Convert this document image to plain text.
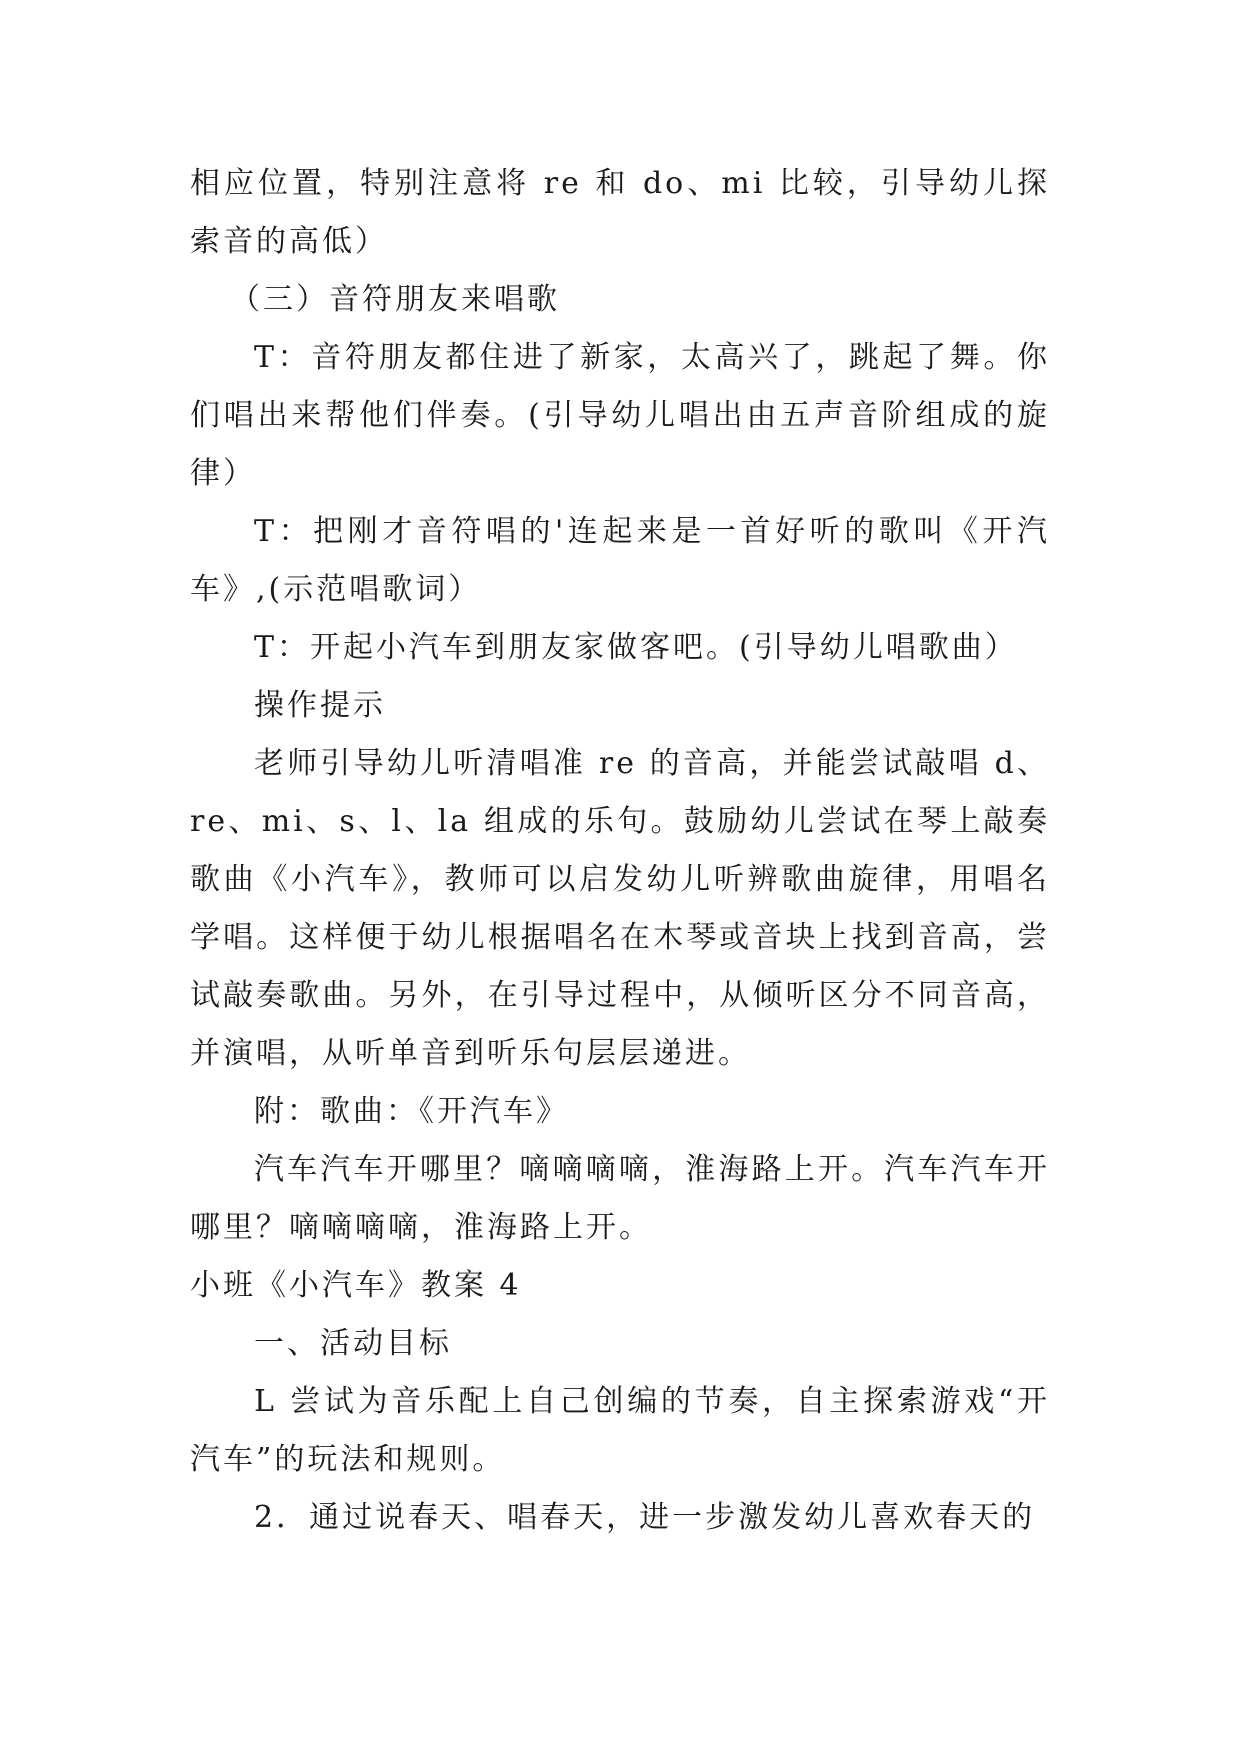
相应位置，特别注意将 re 和 do、mi 比较，引导幼儿探索音的高低）

（三）音符朋友来唱歌

T：音符朋友都住进了新家，太高兴了，跳起了舞。你们唱出来帮他们伴奏。(引导幼儿唱出由五声音阶组成的旋律）

T：把刚才音符唱的'连起来是一首好听的歌叫《开汽车》,(示范唱歌词）

T：开起小汽车到朋友家做客吧。(引导幼儿唱歌曲）

操作提示

老师引导幼儿听清唱准 re 的音高，并能尝试敲唱 d、re、mi、s、l、la 组成的乐句。鼓励幼儿尝试在琴上敲奏歌曲《小汽车》，教师可以启发幼儿听辨歌曲旋律，用唱名学唱。这样便于幼儿根据唱名在木琴或音块上找到音高，尝试敲奏歌曲。另外，在引导过程中，从倾听区分不同音高，并演唱，从听单音到听乐句层层递进。

附：歌曲：《开汽车》

汽车汽车开哪里？嘀嘀嘀嘀，淮海路上开。汽车汽车开哪里？嘀嘀嘀嘀，淮海路上开。

小班《小汽车》教案 4

一、活动目标

L 尝试为音乐配上自己创编的节奏，自主探索游戏“开汽车”的玩法和规则。

2．通过说春天、唱春天，进一步激发幼儿喜欢春天的
